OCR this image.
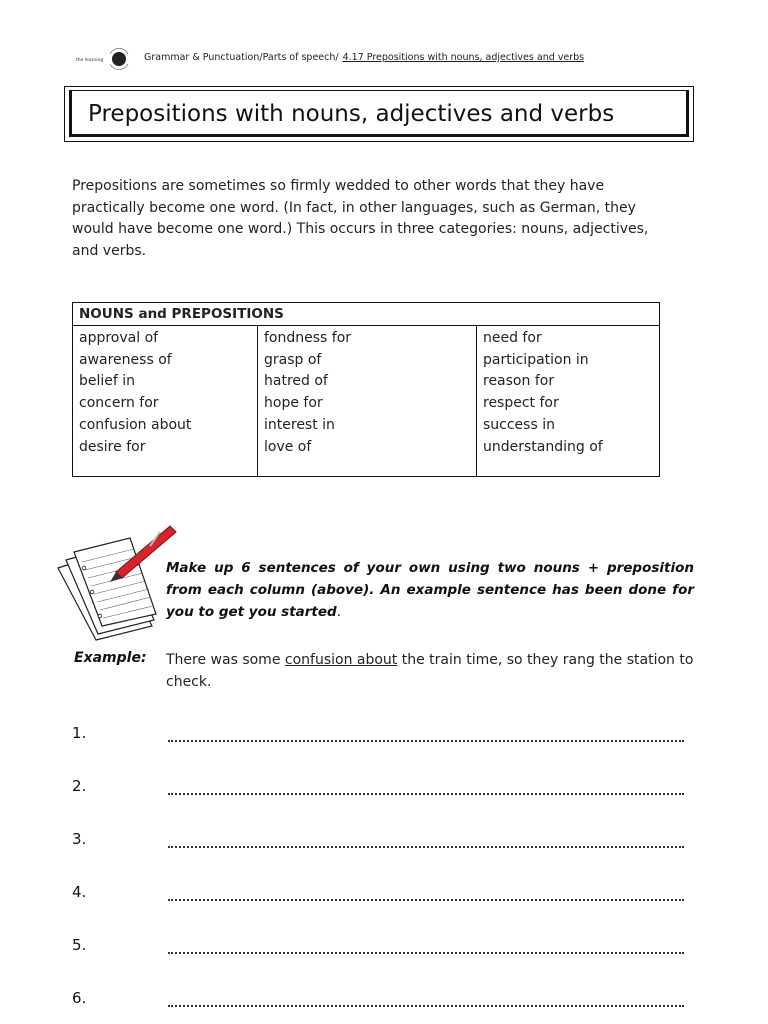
the learning	Grammar & Punctuation/Parts of speech/ 4.17 Prepositions with nouns, adjectives and verbs
Prepositions with nouns, adjectives and verbs
Prepositions are sometimes so firmly wedded to other words that they have practically become one word. (In fact, in other languages, such as German, they would have become one word.) This occurs in three categories: nouns, adjectives, and verbs.
NOUNS and PREPOSITIONS

approval of
awareness of
belief in
concern for
confusion about
desire for

fondness for
grasp of
hatred of
hope for
interest in
love of

need for
participation in
reason for
respect for
success in
understanding of
Make up 6 sentences of your own using two nouns + preposition from each column (above). An example sentence has been done for you to get you started.
Example: There was some confusion about the train time, so they rang the station to check.
1.
2.
3.
4.
5.
6.
